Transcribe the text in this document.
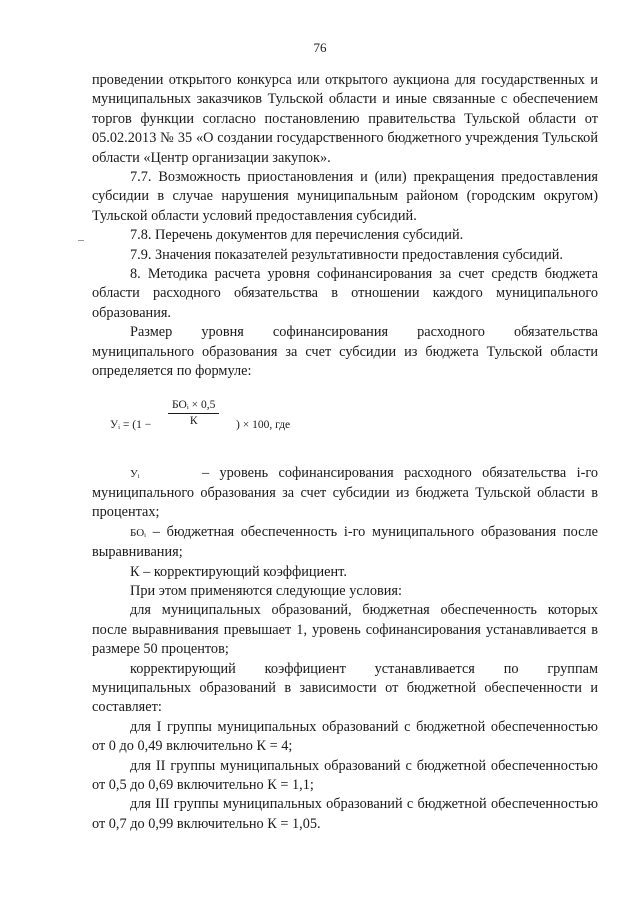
76

проведении открытого конкурса или открытого аукциона для государственных и муниципальных заказчиков Тульской области и иные связанные с обеспечением торгов функции согласно постановлению правительства Тульской области от 05.02.2013 № 35 «О создании государственного бюджетного учреждения Тульской области «Центр организации закупок».

7.7. Возможность приостановления и (или) прекращения предоставления субсидии в случае нарушения муниципальным районом (городским округом) Тульской области условий предоставления субсидий.

7.8. Перечень документов для перечисления субсидий.

7.9. Значения показателей результативности предоставления субсидий.

8. Методика расчета уровня софинансирования за счет средств бюджета области расходного обязательства в отношении каждого муниципального образования.

Размер уровня софинансирования расходного обязательства муниципального образования за счет субсидии из бюджета Тульской области определяется по формуле:

Уᵢ = (1 −
БОᵢ × 0,5
К	) × 100, где

Уᵢ	– уровень софинансирования расходного обязательства i-го муниципального образования за счет субсидии из бюджета Тульской области в процентах;

БОᵢ – бюджетная обеспеченность i-го муниципального образования после выравнивания;

К – корректирующий коэффициент.

При этом применяются следующие условия:

для муниципальных образований, бюджетная обеспеченность которых после выравнивания превышает 1, уровень софинансирования устанавливается в размере 50 процентов;

корректирующий коэффициент устанавливается по группам муниципальных образований в зависимости от бюджетной обеспеченности и составляет:

для I группы муниципальных образований с бюджетной обеспеченностью от 0 до 0,49 включительно К = 4;

для II группы муниципальных образований с бюджетной обеспеченностью от 0,5 до 0,69 включительно К = 1,1;

для III группы муниципальных образований с бюджетной обеспеченностью от 0,7 до 0,99 включительно К = 1,05.
